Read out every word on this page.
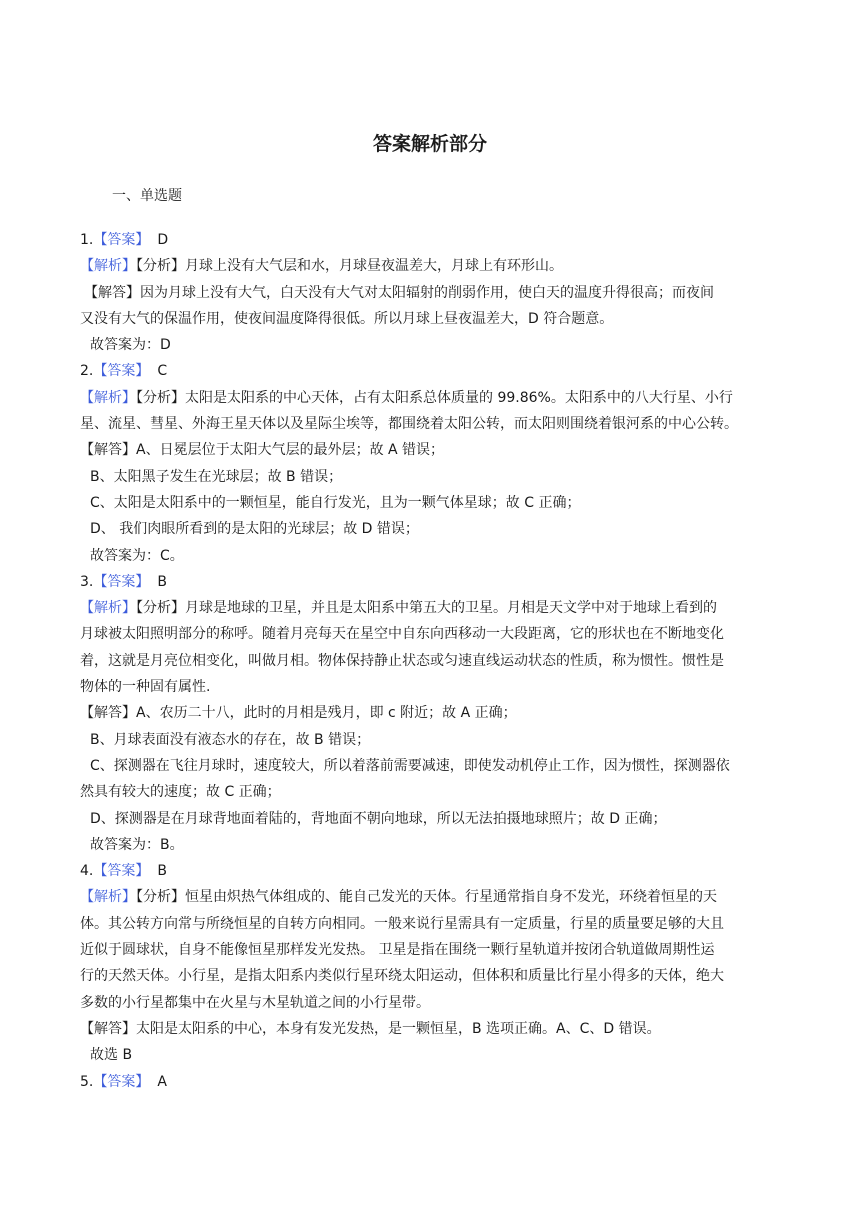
答案解析部分
一、单选题
1.【答案】 D
【解析】【分析】月球上没有大气层和水，月球昼夜温差大，月球上有环形山。
【解答】因为月球上没有大气，白天没有大气对太阳辐射的削弱作用，使白天的温度升得很高；而夜间
又没有大气的保温作用，使夜间温度降得很低。所以月球上昼夜温差大，D 符合题意。
故答案为：D
2.【答案】 C
【解析】【分析】太阳是太阳系的中心天体，占有太阳系总体质量的 99.86%。太阳系中的八大行星、小行
星、流星、彗星、外海王星天体以及星际尘埃等，都围绕着太阳公转，而太阳则围绕着银河系的中心公转。
【解答】A、日冕层位于太阳大气层的最外层；故 A 错误；
B、太阳黑子发生在光球层；故 B 错误；
C、太阳是太阳系中的一颗恒星，能自行发光，且为一颗气体星球；故 C 正确；
D、 我们肉眼所看到的是太阳的光球层；故 D 错误；
故答案为：C。
3.【答案】 B
【解析】【分析】月球是地球的卫星，并且是太阳系中第五大的卫星。月相是天文学中对于地球上看到的
月球被太阳照明部分的称呼。随着月亮每天在星空中自东向西移动一大段距离，它的形状也在不断地变化
着，这就是月亮位相变化，叫做月相。物体保持静止状态或匀速直线运动状态的性质，称为惯性。惯性是
物体的一种固有属性.
【解答】A、农历二十八，此时的月相是残月，即 c 附近；故 A 正确；
B、月球表面没有液态水的存在，故 B 错误；
C、探测器在飞往月球时，速度较大，所以着落前需要减速，即使发动机停止工作，因为惯性，探测器依
然具有较大的速度；故 C 正确；
D、探测器是在月球背地面着陆的，背地面不朝向地球，所以无法拍摄地球照片；故 D 正确；
故答案为：B。
4.【答案】 B
【解析】【分析】恒星由炽热气体组成的、能自己发光的天体。行星通常指自身不发光，环绕着恒星的天
体。其公转方向常与所绕恒星的自转方向相同。一般来说行星需具有一定质量，行星的质量要足够的大且
近似于圆球状，自身不能像恒星那样发光发热。 卫星是指在围绕一颗行星轨道并按闭合轨道做周期性运
行的天然天体。小行星，是指太阳系内类似行星环绕太阳运动，但体积和质量比行星小得多的天体，绝大
多数的小行星都集中在火星与木星轨道之间的小行星带。
【解答】太阳是太阳系的中心，本身有发光发热，是一颗恒星，B 选项正确。A、C、D 错误。
故选 B
5.【答案】 A
